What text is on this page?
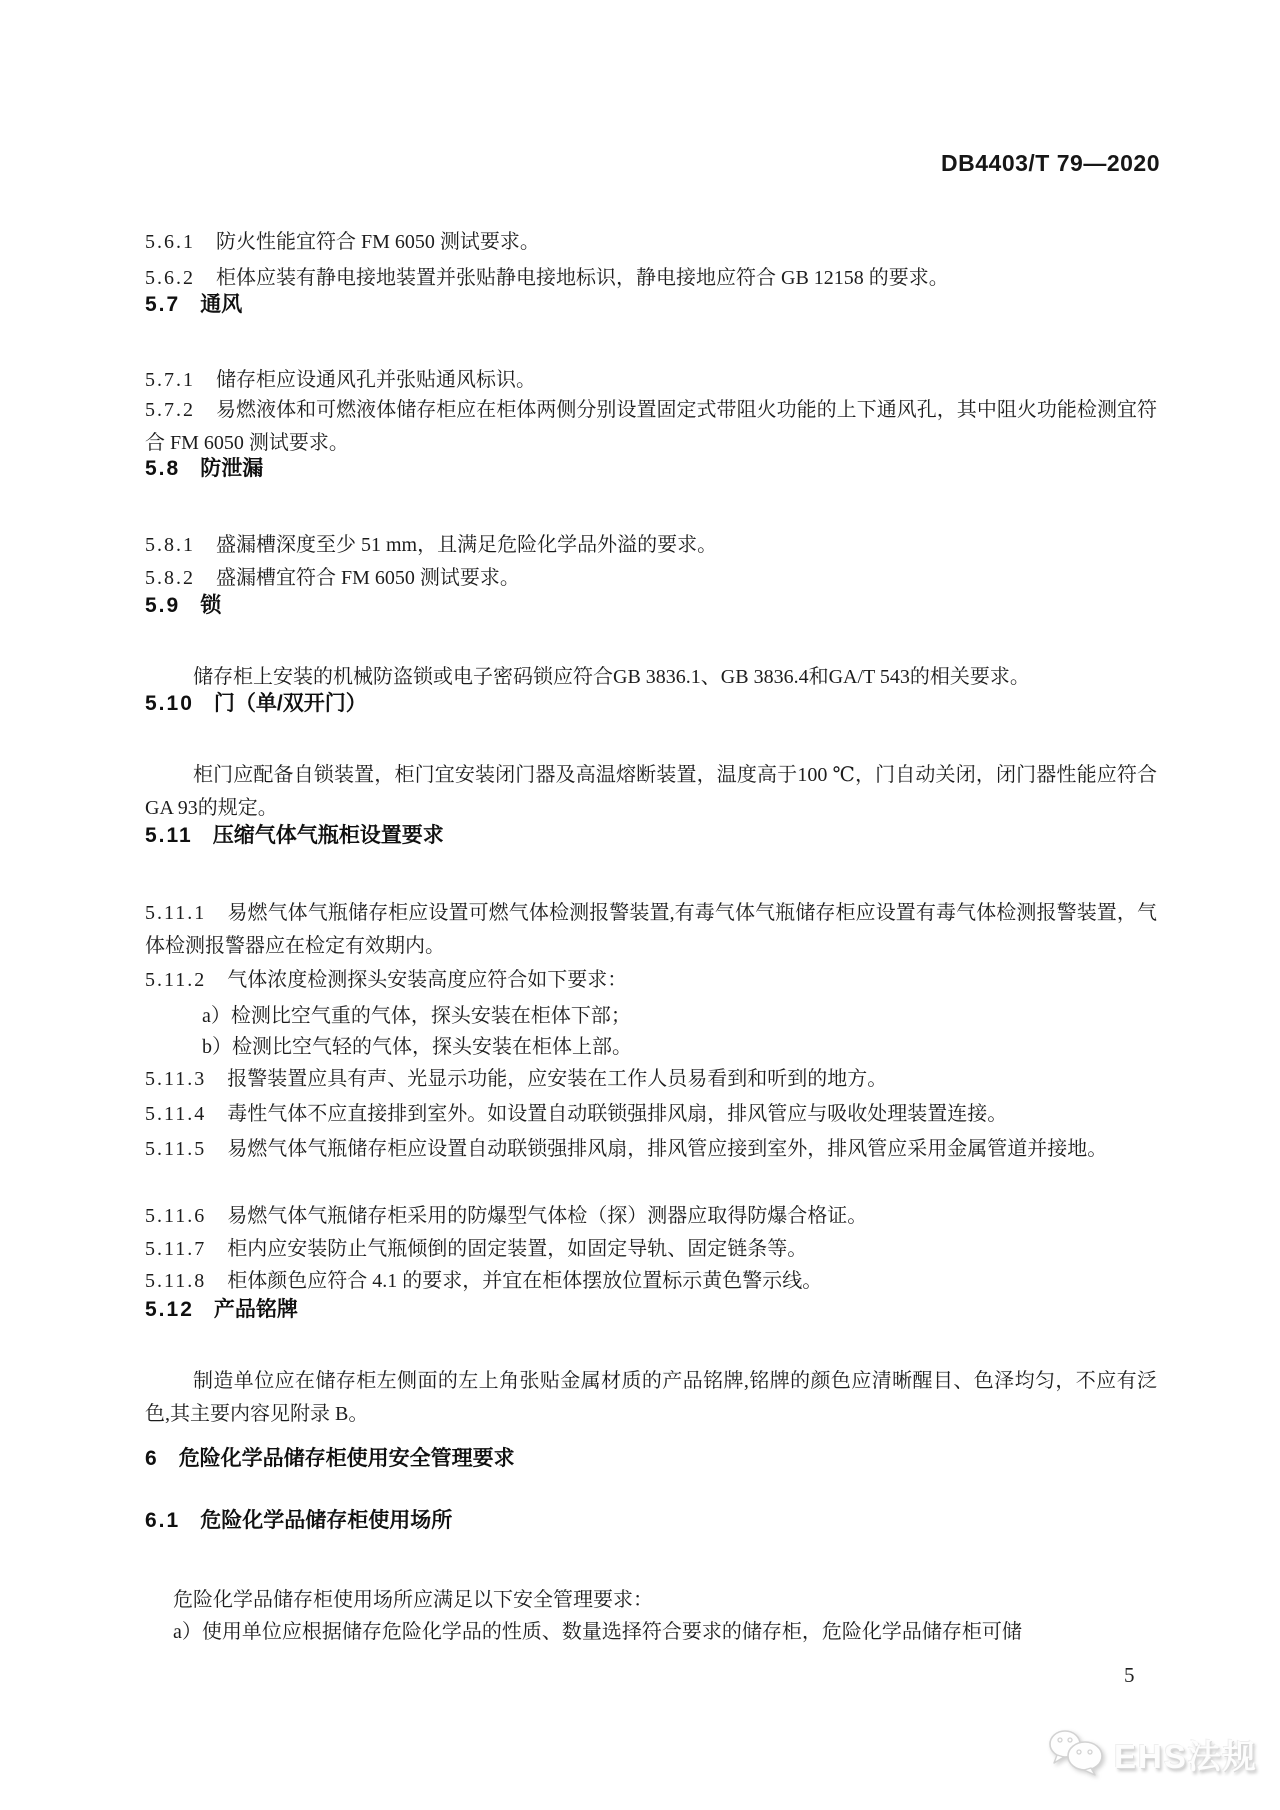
DB4403/T 79—2020

5.6.1 防火性能宜符合 FM 6050 测试要求。

5.6.2 柜体应装有静电接地装置并张贴静电接地标识，静电接地应符合 GB 12158 的要求。

5.7 通风

5.7.1 储存柜应设通风孔并张贴通风标识。

5.7.2 易燃液体和可燃液体储存柜应在柜体两侧分别设置固定式带阻火功能的上下通风孔，其中阻火功能检测宜符合 FM 6050 测试要求。

5.8 防泄漏

5.8.1 盛漏槽深度至少 51 mm，且满足危险化学品外溢的要求。

5.8.2 盛漏槽宜符合 FM 6050 测试要求。

5.9 锁

储存柜上安装的机械防盗锁或电子密码锁应符合GB 3836.1、GB 3836.4和GA/T 543的相关要求。

5.10 门（单/双开门）

柜门应配备自锁装置，柜门宜安装闭门器及高温熔断装置，温度高于100 ℃，门自动关闭，闭门器性能应符合GA 93的规定。

5.11 压缩气体气瓶柜设置要求

5.11.1 易燃气体气瓶储存柜应设置可燃气体检测报警装置,有毒气体气瓶储存柜应设置有毒气体检测报警装置，气体检测报警器应在检定有效期内。

5.11.2 气体浓度检测探头安装高度应符合如下要求：

a）检测比空气重的气体，探头安装在柜体下部；

b）检测比空气轻的气体，探头安装在柜体上部。

5.11.3 报警装置应具有声、光显示功能，应安装在工作人员易看到和听到的地方。

5.11.4 毒性气体不应直接排到室外。如设置自动联锁强排风扇，排风管应与吸收处理装置连接。

5.11.5 易燃气体气瓶储存柜应设置自动联锁强排风扇，排风管应接到室外，排风管应采用金属管道并接地。

5.11.6 易燃气体气瓶储存柜采用的防爆型气体检（探）测器应取得防爆合格证。

5.11.7 柜内应安装防止气瓶倾倒的固定装置，如固定导轨、固定链条等。

5.11.8 柜体颜色应符合 4.1 的要求，并宜在柜体摆放位置标示黄色警示线。

5.12 产品铭牌

制造单位应在储存柜左侧面的左上角张贴金属材质的产品铭牌,铭牌的颜色应清晰醒目、色泽均匀，不应有泛色,其主要内容见附录 B。

6 危险化学品储存柜使用安全管理要求
6.1 危险化学品储存柜使用场所

危险化学品储存柜使用场所应满足以下安全管理要求：

a）使用单位应根据储存危险化学品的性质、数量选择符合要求的储存柜，危险化学品储存柜可储

5
EHS法规
